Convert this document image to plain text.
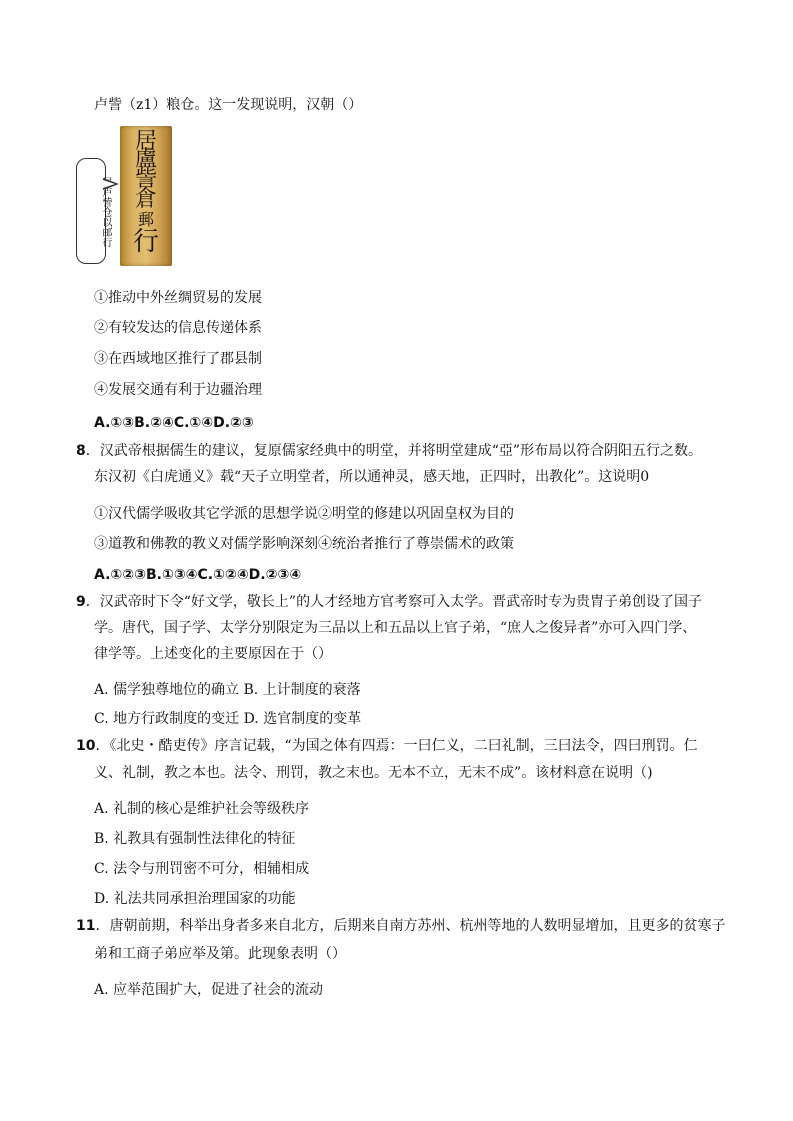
卢訾（z1）粮仓。这一发现说明，汉朝（）
居卢訾仓以邮行
居
盧
訾
倉
郵
行
①推动中外丝绸贸易的发展
②有较发达的信息传递体系
③在西域地区推行了郡县制
④发展交通有利于边疆治理
A.①③B.②④C.①④D.②③
8．汉武帝根据儒生的建议，复原儒家经典中的明堂，并将明堂建成“亞”形布局以符合阴阳五行之数。
东汉初《白虎通义》载“天子立明堂者，所以通神灵，感天地，正四时，出教化”。这说明0
①汉代儒学吸收其它学派的思想学说②明堂的修建以巩固皇权为目的
③道教和佛教的教义对儒学影响深刻④统治者推行了尊崇儒术的政策
A.①②③B.①③④C.①②④D.②③④
9．汉武帝时下令“好文学，敬长上”的人才经地方官考察可入太学。晋武帝时专为贵胄子弟创设了国子
学。唐代，国子学、太学分别限定为三品以上和五品以上官子弟，“庶人之俊异者”亦可入四门学、
律学等。上述变化的主要原因在于（）
A. 儒学独尊地位的确立 B. 上计制度的衰落
C. 地方行政制度的变迁 D. 选官制度的变革
10．《北史・酷吏传》序言记载，“为国之体有四焉：一曰仁义，二曰礼制，三曰法令，四曰刑罚。仁
义、礼制，教之本也。法令、刑罚，教之末也。无本不立，无末不成”。该材料意在说明（)
A. 礼制的核心是维护社会等级秩序
B. 礼教具有强制性法律化的特征
C. 法令与刑罚密不可分，相辅相成
D. 礼法共同承担治理国家的功能
11．唐朝前期，科举出身者多来自北方，后期来自南方苏州、杭州等地的人数明显增加，且更多的贫寒子
弟和工商子弟应举及第。此现象表明（）
A. 应举范围扩大，促进了社会的流动
